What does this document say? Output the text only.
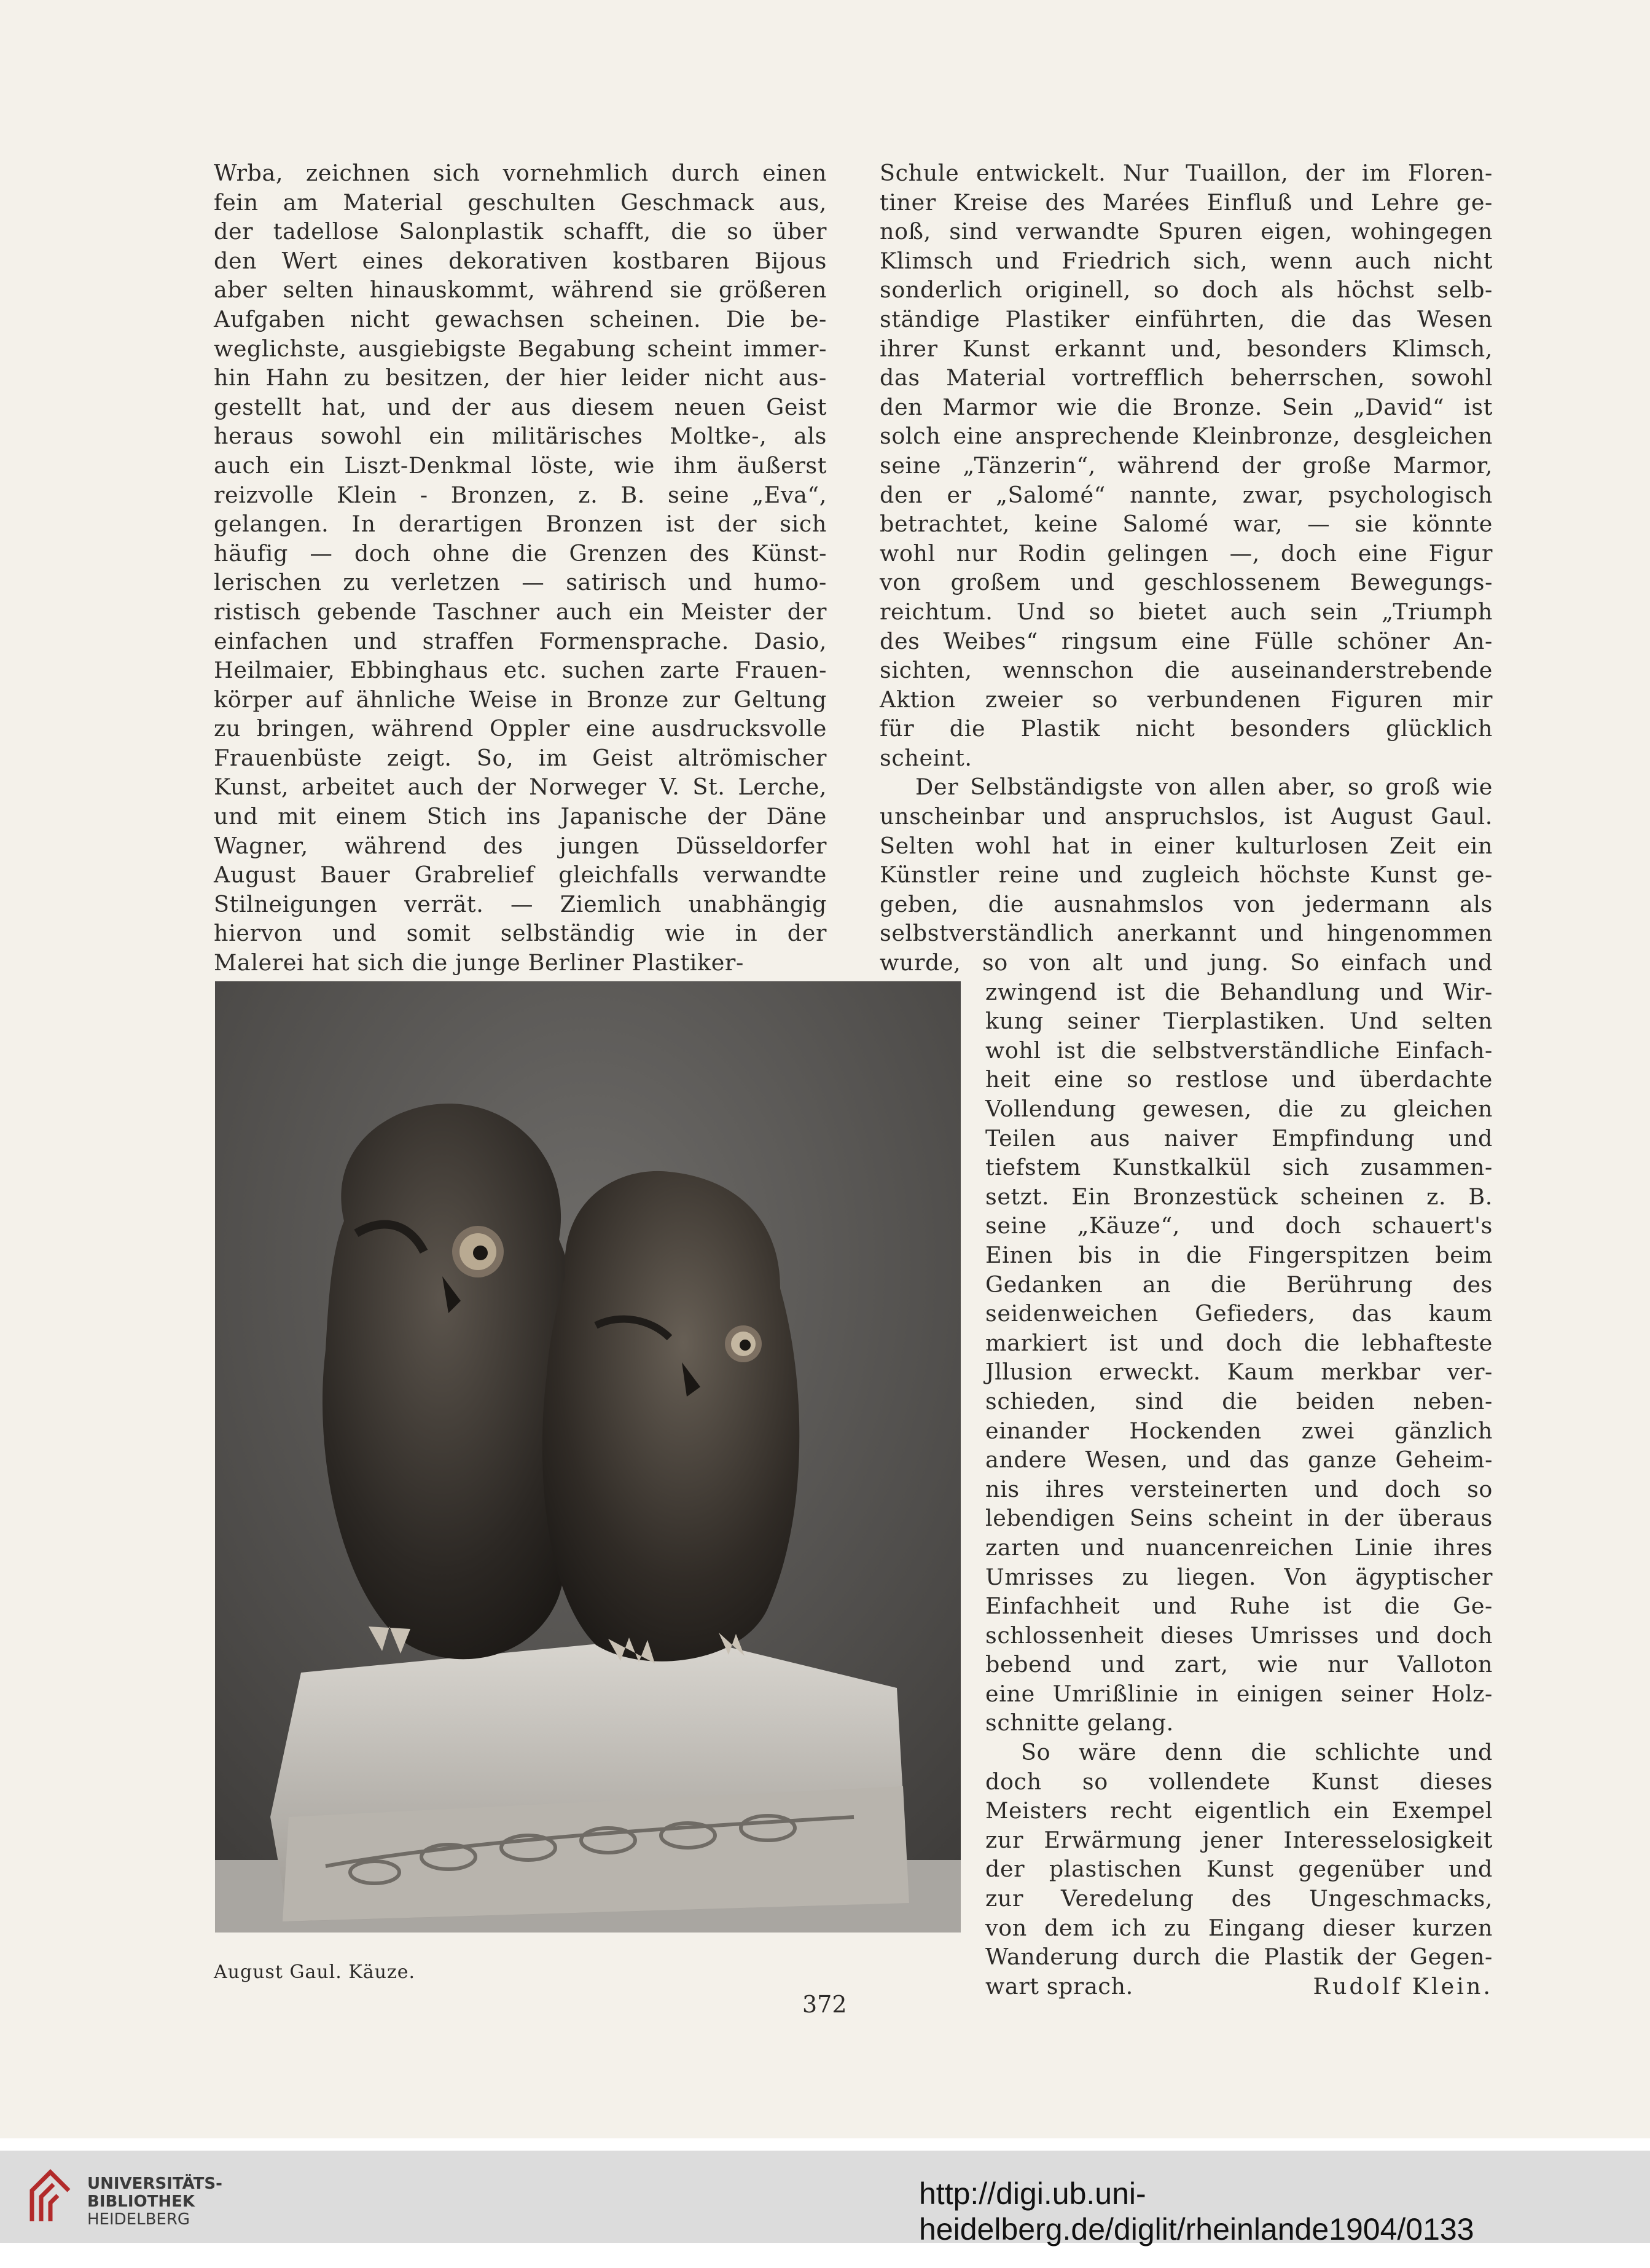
Wrba, zeichnen sich vornehmlich durch einen
fein am Material geschulten Geschmack aus,
der tadellose Salonplastik schafft, die so über
den Wert eines dekorativen kostbaren Bijous
aber selten hinauskommt, während sie größeren
Aufgaben nicht gewachsen scheinen. Die be-
weglichste, ausgiebigste Begabung scheint immer-
hin Hahn zu besitzen, der hier leider nicht aus-
gestellt hat, und der aus diesem neuen Geist
heraus sowohl ein militärisches Moltke-, als
auch ein Liszt-Denkmal löste, wie ihm äußerst
reizvolle Klein - Bronzen, z. B. seine „Eva“,
gelangen. In derartigen Bronzen ist der sich
häufig — doch ohne die Grenzen des Künst-
lerischen zu verletzen — satirisch und humo-
ristisch gebende Taschner auch ein Meister der
einfachen und straffen Formensprache. Dasio,
Heilmaier, Ebbinghaus etc. suchen zarte Frauen-
körper auf ähnliche Weise in Bronze zur Geltung
zu bringen, während Oppler eine ausdrucksvolle
Frauenbüste zeigt. So, im Geist altrömischer
Kunst, arbeitet auch der Norweger V. St. Lerche,
und mit einem Stich ins Japanische der Däne
Wagner, während des jungen Düsseldorfer
August Bauer Grabrelief gleichfalls verwandte
Stilneigungen verrät. — Ziemlich unabhängig
hiervon und somit selbständig wie in der
Malerei hat sich die junge Berliner Plastiker-
Schule entwickelt. Nur Tuaillon, der im Floren-
tiner Kreise des Marées Einfluß und Lehre ge-
noß, sind verwandte Spuren eigen, wohingegen
Klimsch und Friedrich sich, wenn auch nicht
sonderlich originell, so doch als höchst selb-
ständige Plastiker einführten, die das Wesen
ihrer Kunst erkannt und, besonders Klimsch,
das Material vortrefflich beherrschen, sowohl
den Marmor wie die Bronze. Sein „David“ ist
solch eine ansprechende Kleinbronze, desgleichen
seine „Tänzerin“, während der große Marmor,
den er „Salomé“ nannte, zwar, psychologisch
betrachtet, keine Salomé war, — sie könnte
wohl nur Rodin gelingen —, doch eine Figur
von großem und geschlossenem Bewegungs-
reichtum. Und so bietet auch sein „Triumph
des Weibes“ ringsum eine Fülle schöner An-
sichten, wennschon die auseinanderstrebende
Aktion zweier so verbundenen Figuren mir
für die Plastik nicht besonders glücklich
scheint.
Der Selbständigste von allen aber, so groß wie
unscheinbar und anspruchslos, ist August Gaul.
Selten wohl hat in einer kulturlosen Zeit ein
Künstler reine und zugleich höchste Kunst ge-
geben, die ausnahmslos von jedermann als
selbstverständlich anerkannt und hingenommen
wurde, so von alt und jung. So einfach und
zwingend ist die Behandlung und Wir-
kung seiner Tierplastiken. Und selten
wohl ist die selbstverständliche Einfach-
heit eine so restlose und überdachte
Vollendung gewesen, die zu gleichen
Teilen aus naiver Empfindung und
tiefstem Kunstkalkül sich zusammen-
setzt. Ein Bronzestück scheinen z. B.
seine „Käuze“, und doch schauert's
Einen bis in die Fingerspitzen beim
Gedanken an die Berührung des
seidenweichen Gefieders, das kaum
markiert ist und doch die lebhafteste
Jllusion erweckt. Kaum merkbar ver-
schieden, sind die beiden neben-
einander Hockenden zwei gänzlich
andere Wesen, und das ganze Geheim-
nis ihres versteinerten und doch so
lebendigen Seins scheint in der überaus
zarten und nuancenreichen Linie ihres
Umrisses zu liegen. Von ägyptischer
Einfachheit und Ruhe ist die Ge-
schlossenheit dieses Umrisses und doch
bebend und zart, wie nur Valloton
eine Umrißlinie in einigen seiner Holz-
schnitte gelang.
So wäre denn die schlichte und
doch so vollendete Kunst dieses
Meisters recht eigentlich ein Exempel
zur Erwärmung jener Interesselosigkeit
der plastischen Kunst gegenüber und
zur Veredelung des Ungeschmacks,
von dem ich zu Eingang dieser kurzen
Wanderung durch die Plastik der Gegen-
wart sprach.	Rudolf Klein.
August Gaul. Käuze.
372
UNIVERSITÄTS-
BIBLIOTHEK
HEIDELBERG
http://digi.ub.uni-heidelberg.de/diglit/rheinlande1904/0133
